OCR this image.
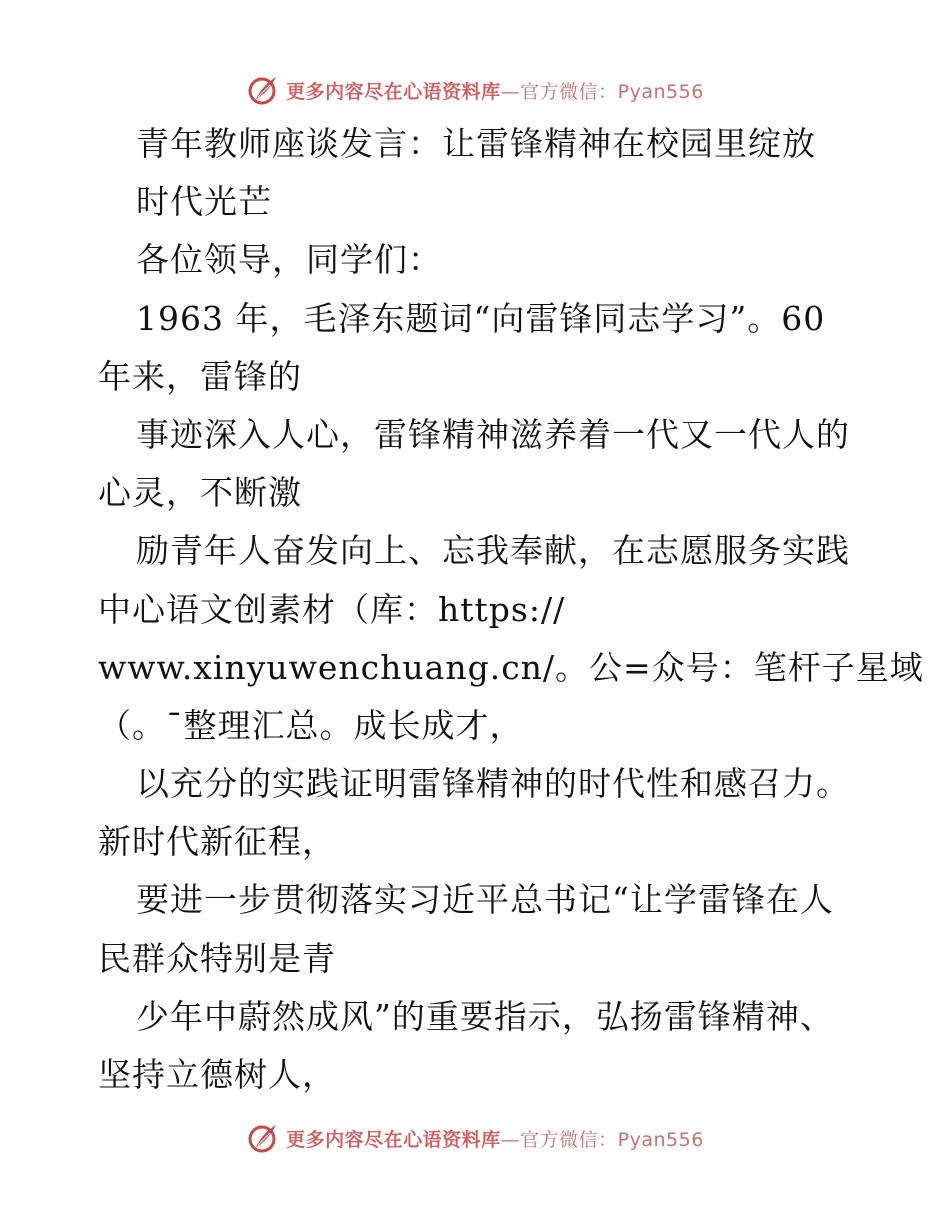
更多内容尽在心语资料库—官方微信：Pyan556
青年教师座谈发言：让雷锋精神在校园里绽放
时代光芒
各位领导，同学们：
1963 年，毛泽东题词“向雷锋同志学习”。60
年来，雷锋的
事迹深入人心，雷锋精神滋养着一代又一代人的
心灵，不断激
励青年人奋发向上、忘我奉献，在志愿服务实践
中心语文创素材（库：https://
www.xinyuwenchuang.cn/。公=众号：笔杆子星域
（。¯整理汇总。成长成才，
以充分的实践证明雷锋精神的时代性和感召力。
新时代新征程，
要进一步贯彻落实习近平总书记“让学雷锋在人
民群众特别是青
少年中蔚然成风”的重要指示，弘扬雷锋精神、
坚持立德树人，
更多内容尽在心语资料库—官方微信：Pyan556
